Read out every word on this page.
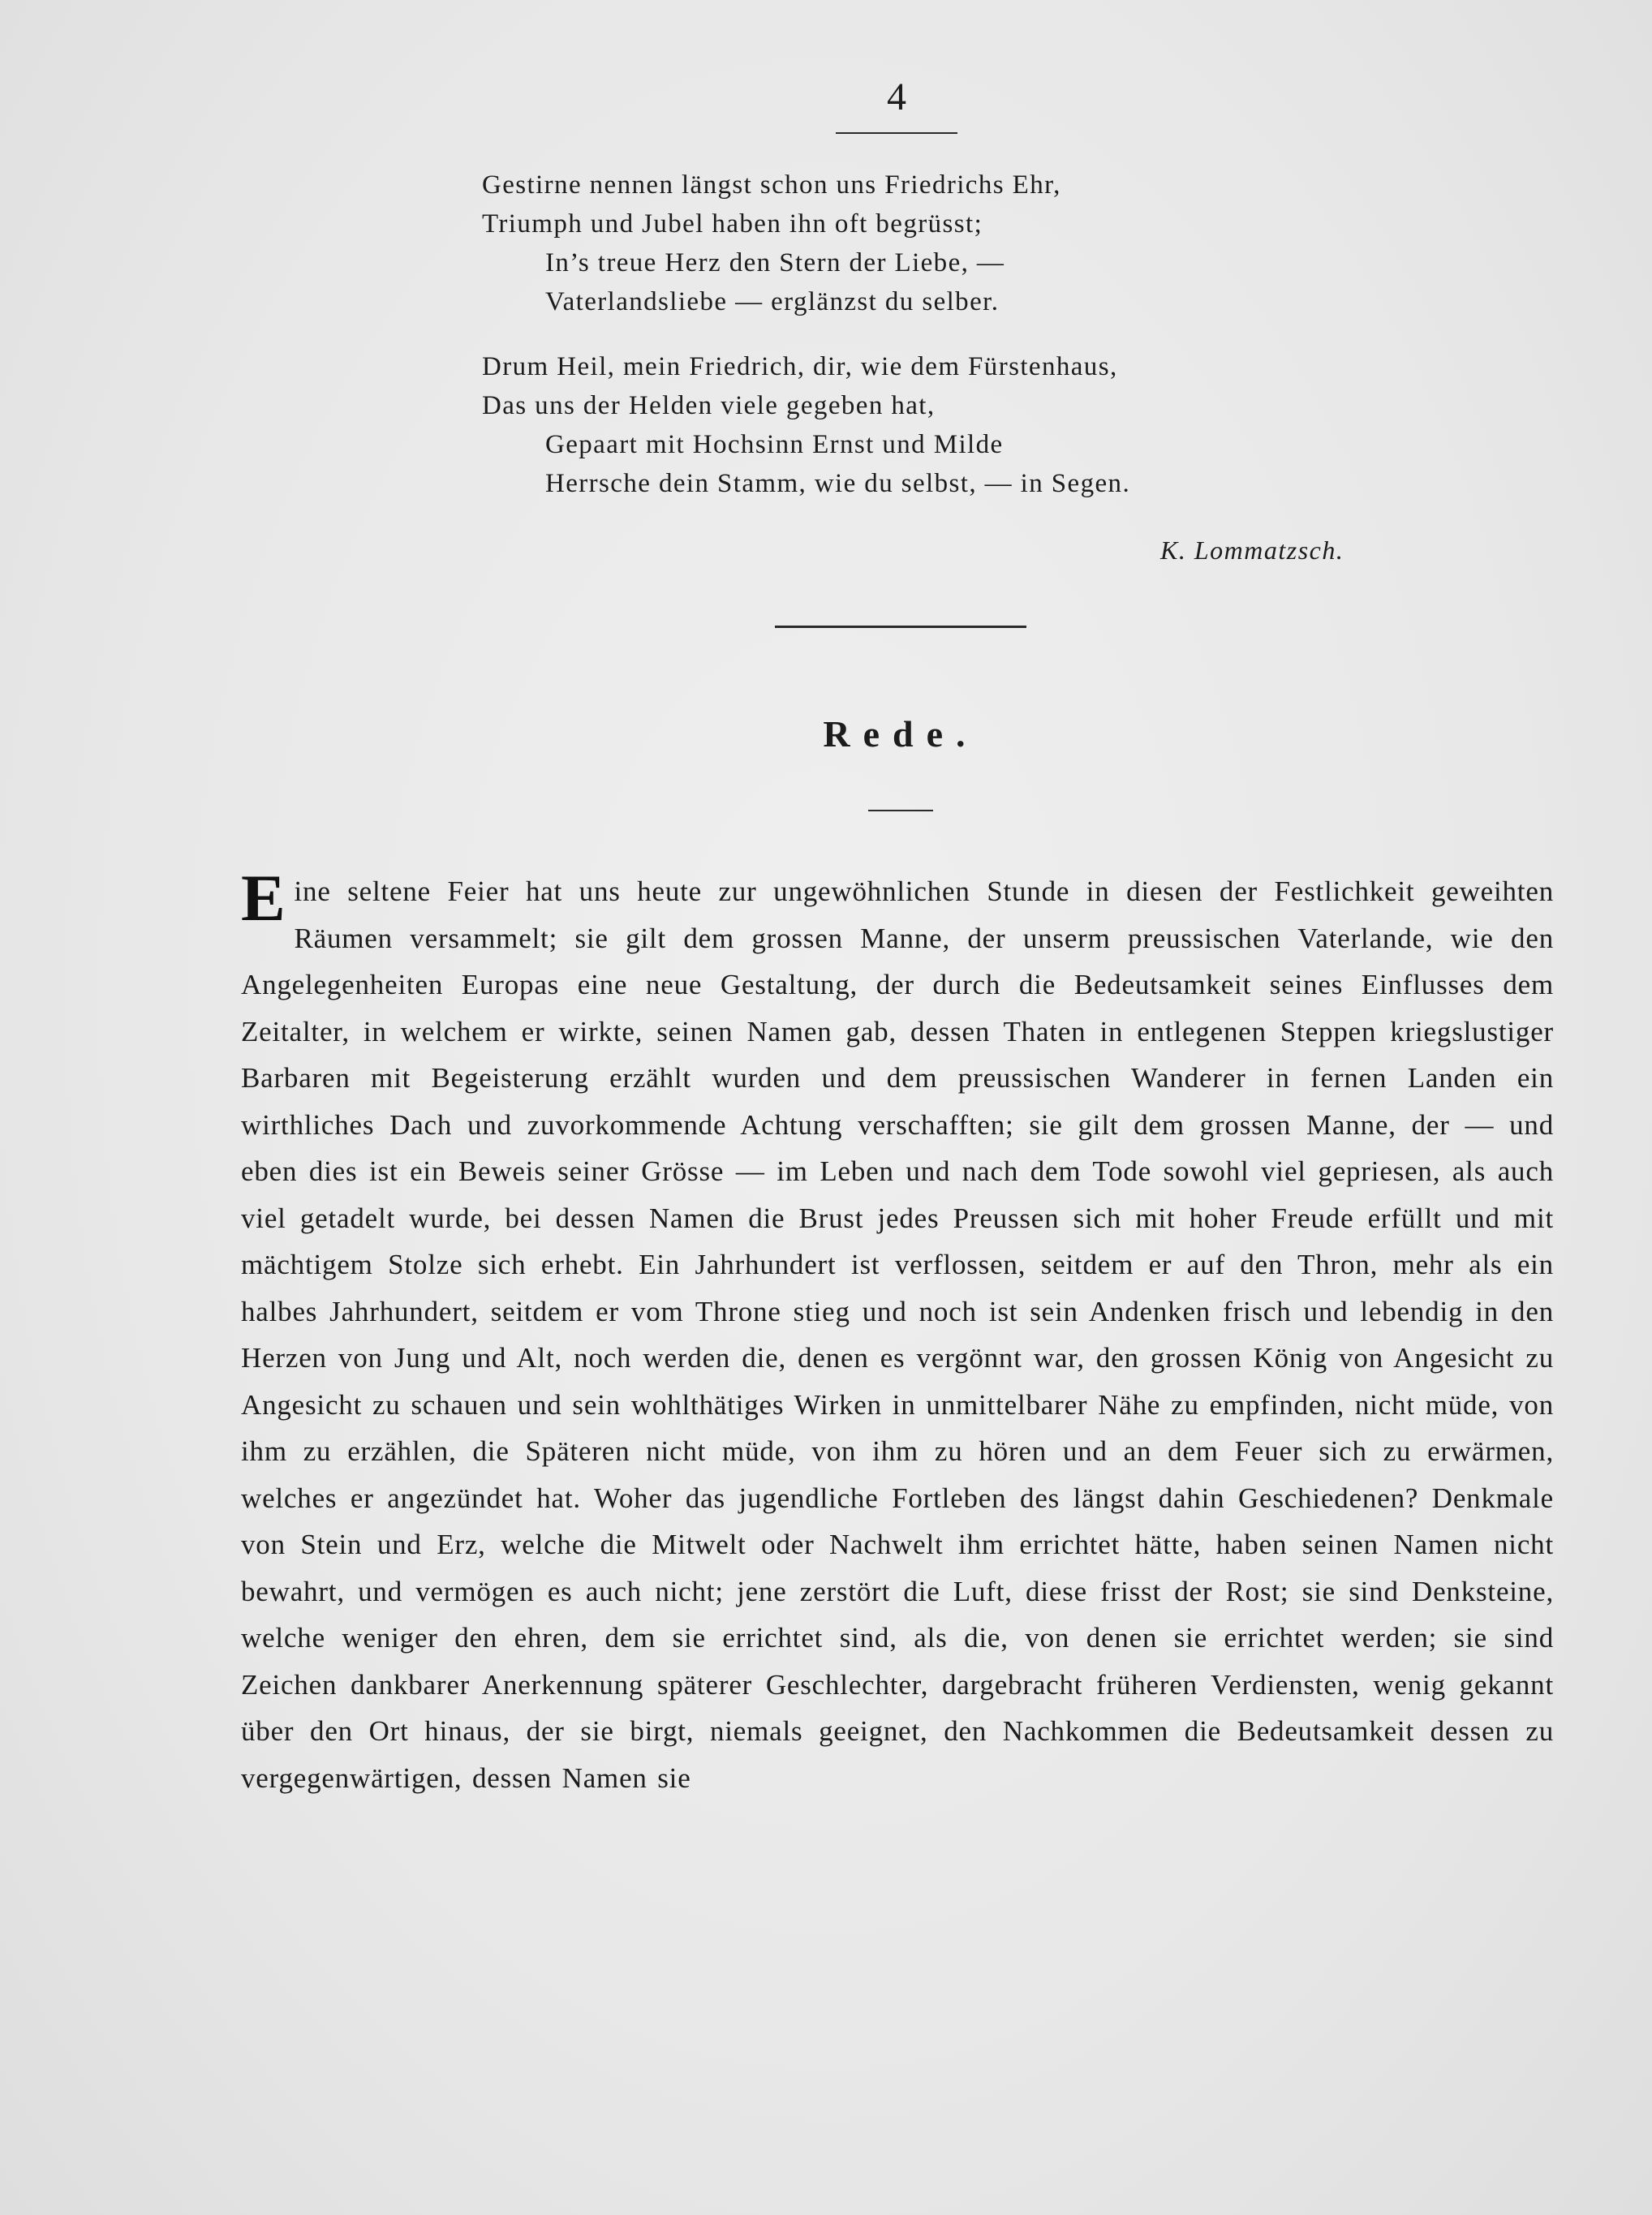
4
Gestirne nennen längst schon uns Friedrichs Ehr,
Triumph und Jubel haben ihn oft begrüsst;
In’s treue Herz den Stern der Liebe, —
Vaterlandsliebe — erglänzst du selber.
Drum Heil, mein Friedrich, dir, wie dem Fürstenhaus,
Das uns der Helden viele gegeben hat,
Gepaart mit Hochsinn Ernst und Milde
Herrsche dein Stamm, wie du selbst, — in Segen.
K. Lommatzsch.
Rede.
Eine seltene Feier hat uns heute zur ungewöhnlichen Stunde in diesen der Festlichkeit geweihten Räumen versammelt; sie gilt dem grossen Manne, der unserm preussischen Vaterlande, wie den Angelegenheiten Europas eine neue Gestaltung, der durch die Bedeutsamkeit seines Einflusses dem Zeitalter, in welchem er wirkte, seinen Namen gab, dessen Thaten in entlegenen Steppen kriegslustiger Barbaren mit Begeisterung erzählt wurden und dem preussischen Wanderer in fernen Landen ein wirthliches Dach und zuvorkommende Achtung verschafften; sie gilt dem grossen Manne, der — und eben dies ist ein Beweis seiner Grösse — im Leben und nach dem Tode sowohl viel gepriesen, als auch viel getadelt wurde, bei dessen Namen die Brust jedes Preussen sich mit hoher Freude erfüllt und mit mächtigem Stolze sich erhebt. Ein Jahrhundert ist verflossen, seitdem er auf den Thron, mehr als ein halbes Jahrhundert, seitdem er vom Throne stieg und noch ist sein Andenken frisch und lebendig in den Herzen von Jung und Alt, noch werden die, denen es vergönnt war, den grossen König von Angesicht zu Angesicht zu schauen und sein wohlthätiges Wirken in unmittelbarer Nähe zu empfinden, nicht müde, von ihm zu erzählen, die Späteren nicht müde, von ihm zu hören und an dem Feuer sich zu erwärmen, welches er angezündet hat. Woher das jugendliche Fortleben des längst dahin Geschiedenen? Denkmale von Stein und Erz, welche die Mitwelt oder Nachwelt ihm errichtet hätte, haben seinen Namen nicht bewahrt, und vermögen es auch nicht; jene zerstört die Luft, diese frisst der Rost; sie sind Denksteine, welche weniger den ehren, dem sie errichtet sind, als die, von denen sie errichtet werden; sie sind Zeichen dankbarer Anerkennung späterer Geschlechter, dargebracht früheren Verdiensten, wenig gekannt über den Ort hinaus, der sie birgt, niemals geeignet, den Nachkommen die Bedeutsamkeit dessen zu vergegenwärtigen, dessen Namen sie
